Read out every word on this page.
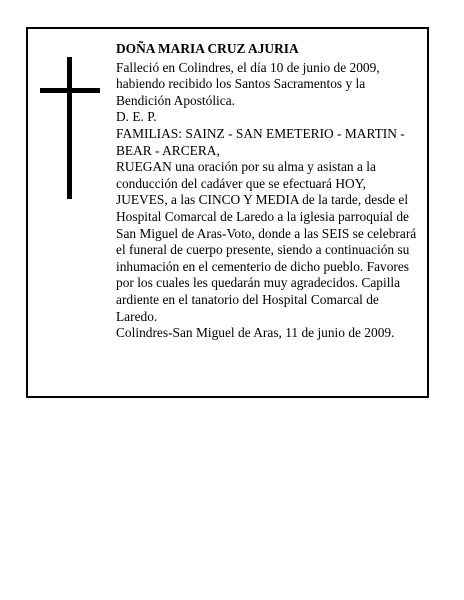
DOÑA MARIA CRUZ AJURIA

Falleció en Colindres, el día 10 de junio de 2009, habiendo recibido los Santos Sacramentos y la Bendición Apostólica.

D. E. P.

FAMILIAS: SAINZ - SAN EMETERIO - MARTIN - BEAR - ARCERA,

RUEGAN una oración por su alma y asistan a la conducción del cadáver que se efectuará HOY, JUEVES, a las CINCO Y MEDIA de la tarde, desde el Hospital Comarcal de Laredo a la iglesia parroquial de San Miguel de Aras-Voto, donde a las SEIS se celebrará el funeral de cuerpo presente, siendo a continuación su inhumación en el cementerio de dicho pueblo. Favores por los cuales les quedarán muy agradecidos. Capilla ardiente en el tanatorio del Hospital Comarcal de Laredo.

Colindres-San Miguel de Aras, 11 de junio de 2009.
